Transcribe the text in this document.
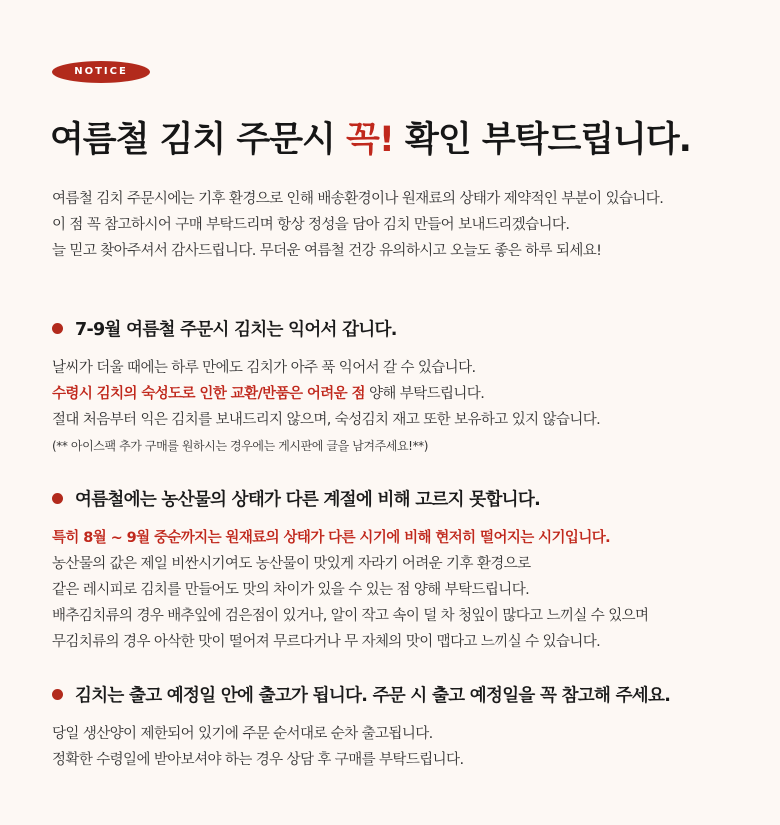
NOTICE
여름철 김치 주문시 꼭! 확인 부탁드립니다.

여름철 김치 주문시에는 기후 환경으로 인해 배송환경이나 원재료의 상태가 제약적인 부분이 있습니다.

이 점 꼭 참고하시어 구매 부탁드리며 항상 정성을 담아 김치 만들어 보내드리겠습니다.

늘 믿고 찾아주셔서 감사드립니다. 무더운 여름철 건강 유의하시고 오늘도 좋은 하루 되세요!

7-9월 여름철 주문시 김치는 익어서 갑니다.

날씨가 더울 때에는 하루 만에도 김치가 아주 푹 익어서 갈 수 있습니다.

수령시 김치의 숙성도로 인한 교환/반품은 어려운 점 양해 부탁드립니다.

절대 처음부터 익은 김치를 보내드리지 않으며, 숙성김치 재고 또한 보유하고 있지 않습니다.

(** 아이스팩 추가 구매를 원하시는 경우에는 게시판에 글을 남겨주세요!**)

여름철에는 농산물의 상태가 다른 계절에 비해 고르지 못합니다.

특히 8월 ~ 9월 중순까지는 원재료의 상태가 다른 시기에 비해 현저히 떨어지는 시기입니다.

농산물의 값은 제일 비싼시기여도 농산물이 맛있게 자라기 어려운 기후 환경으로

같은 레시피로 김치를 만들어도 맛의 차이가 있을 수 있는 점 양해 부탁드립니다.

배추김치류의 경우 배추잎에 검은점이 있거나, 알이 작고 속이 덜 차 청잎이 많다고 느끼실 수 있으며

무김치류의 경우 아삭한 맛이 떨어져 무르다거나 무 자체의 맛이 맵다고 느끼실 수 있습니다.

김치는 출고 예정일 안에 출고가 됩니다. 주문 시 출고 예정일을 꼭 참고해 주세요.

당일 생산양이 제한되어 있기에 주문 순서대로 순차 출고됩니다.

정확한 수령일에 받아보셔야 하는 경우 상담 후 구매를 부탁드립니다.
